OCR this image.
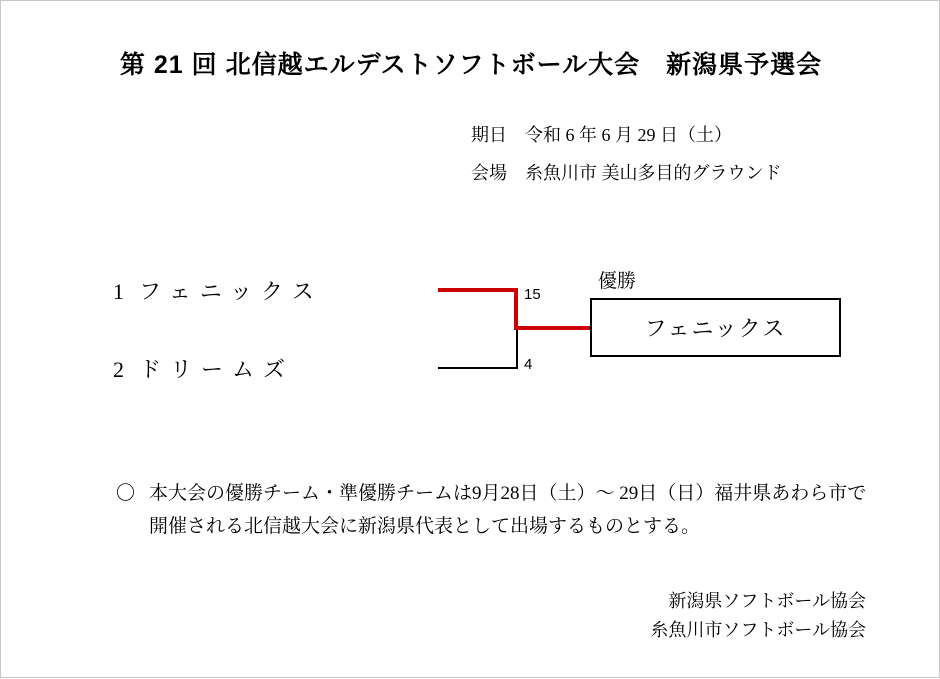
第 21 回 北信越エルデストソフトボール大会　新潟県予選会
期日　令和 6 年 6 月 29 日（土）
会場　糸魚川市 美山多目的グラウンド
1 フェニックス
2 ドリームズ
15
4
優勝
フェニックス
〇 本大会の優勝チーム・準優勝チームは9月28日（土）〜 29日（日）福井県あわら市で開催される北信越大会に新潟県代表として出場するものとする。
新潟県ソフトボール協会
糸魚川市ソフトボール協会
